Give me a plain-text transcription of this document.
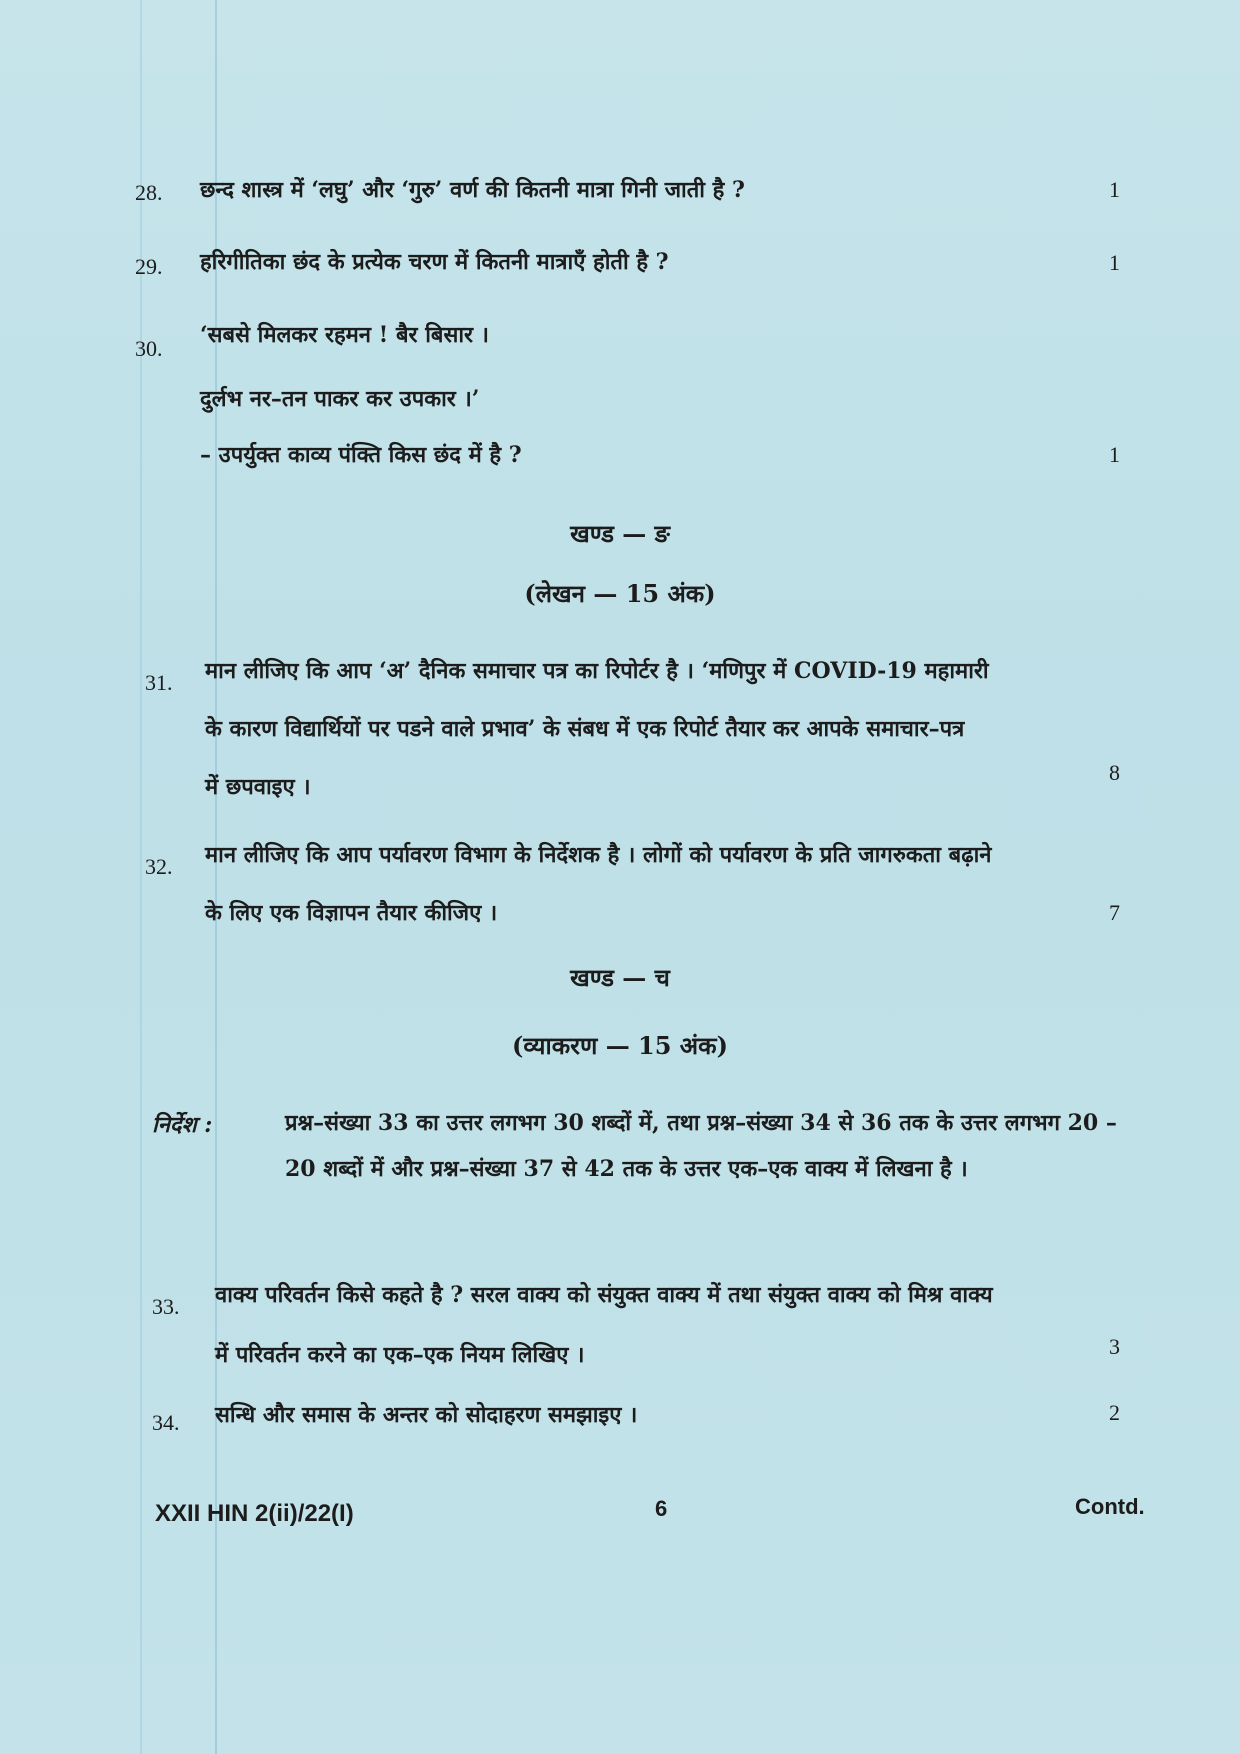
28. छन्द शास्त्र में ‘लघु’ और ‘गुरु’ वर्ण की कितनी मात्रा गिनी जाती है ?	1
29. हरिगीतिका छंद के प्रत्येक चरण में कितनी मात्राएँ होती है ?	1
30.
‘सबसे मिलकर रहमन ! बैर बिसार ।
दुर्लभ नर–तन पाकर कर उपकार ।’
– उपर्युक्त काव्य पंक्ति किस छंद में है ?	1
खण्ड — ङ
(लेखन — 15 अंक)
31. मान लीजिए कि आप ‘अ’ दैनिक समाचार पत्र का रिपोर्टर है । ‘मणिपुर में COVID-19 महामारी
के कारण विद्यार्थियों पर पडने वाले प्रभाव’ के संबध में एक रिपोर्ट तैयार कर आपके समाचार–पत्र
में छपवाइए ।
8
32. मान लीजिए कि आप पर्यावरण विभाग के निर्देशक है । लोगों को पर्यावरण के प्रति जागरुकता बढ़ाने
के लिए एक विज्ञापन तैयार कीजिए ।	7
खण्ड — च
(व्याकरण — 15 अंक)
निर्देश :	प्रश्न–संख्या 33 का उत्तर लगभग 30 शब्दों में, तथा प्रश्न–संख्या 34 से 36 तक के उत्तर लगभग 20 – 20 शब्दों में और प्रश्न–संख्या 37 से 42 तक के उत्तर एक–एक वाक्य में लिखना है ।
33. वाक्य परिवर्तन किसे कहते है ? सरल वाक्य को संयुक्त वाक्य में तथा संयुक्त वाक्य को मिश्र वाक्य
में परिवर्तन करने का एक–एक नियम लिखिए ।	3
34. सन्धि और समास के अन्तर को सोदाहरण समझाइए ।	2
XXII HIN 2(ii)/22(I)	6	Contd.
